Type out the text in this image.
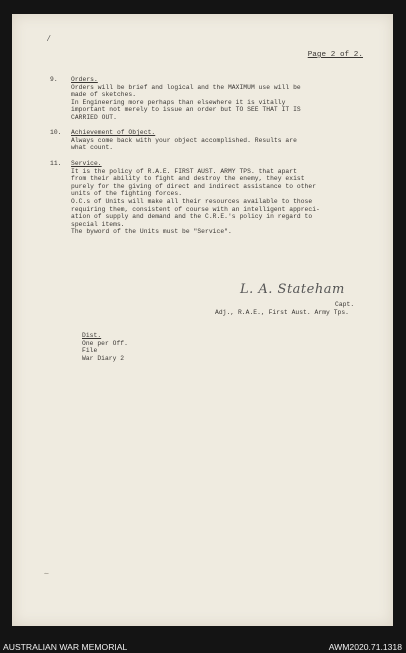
∕
∼
Page 2 of 2.
9. Orders.
Orders will be brief and logical and the MAXIMUM use will be
made of sketches.
In Engineering more perhaps than elsewhere it is vitally
important not merely to issue an order but TO SEE THAT IT IS
CARRIED OUT.
10. Achievement of Object.
Always come back with your object accomplished. Results are
what count.
11. Service.
It is the policy of R.A.E. FIRST AUST. ARMY TPS. that apart
from their ability to fight and destroy the enemy, they exist
purely for the giving of direct and indirect assistance to other
units of the fighting forces.
O.C.s of Units will make all their resources available to those
requiring them, consistent of course with an intelligent appreci-
ation of supply and demand and the C.R.E.'s policy in regard to
special items.
The byword of the Units must be "Service".
L. A. Stateham
Capt.
Adj., R.A.E., First Aust. Army Tps.
Dist.
One per Off.
File
War Diary 2
AUSTRALIAN WAR MEMORIAL	AWM2020.71.1318
